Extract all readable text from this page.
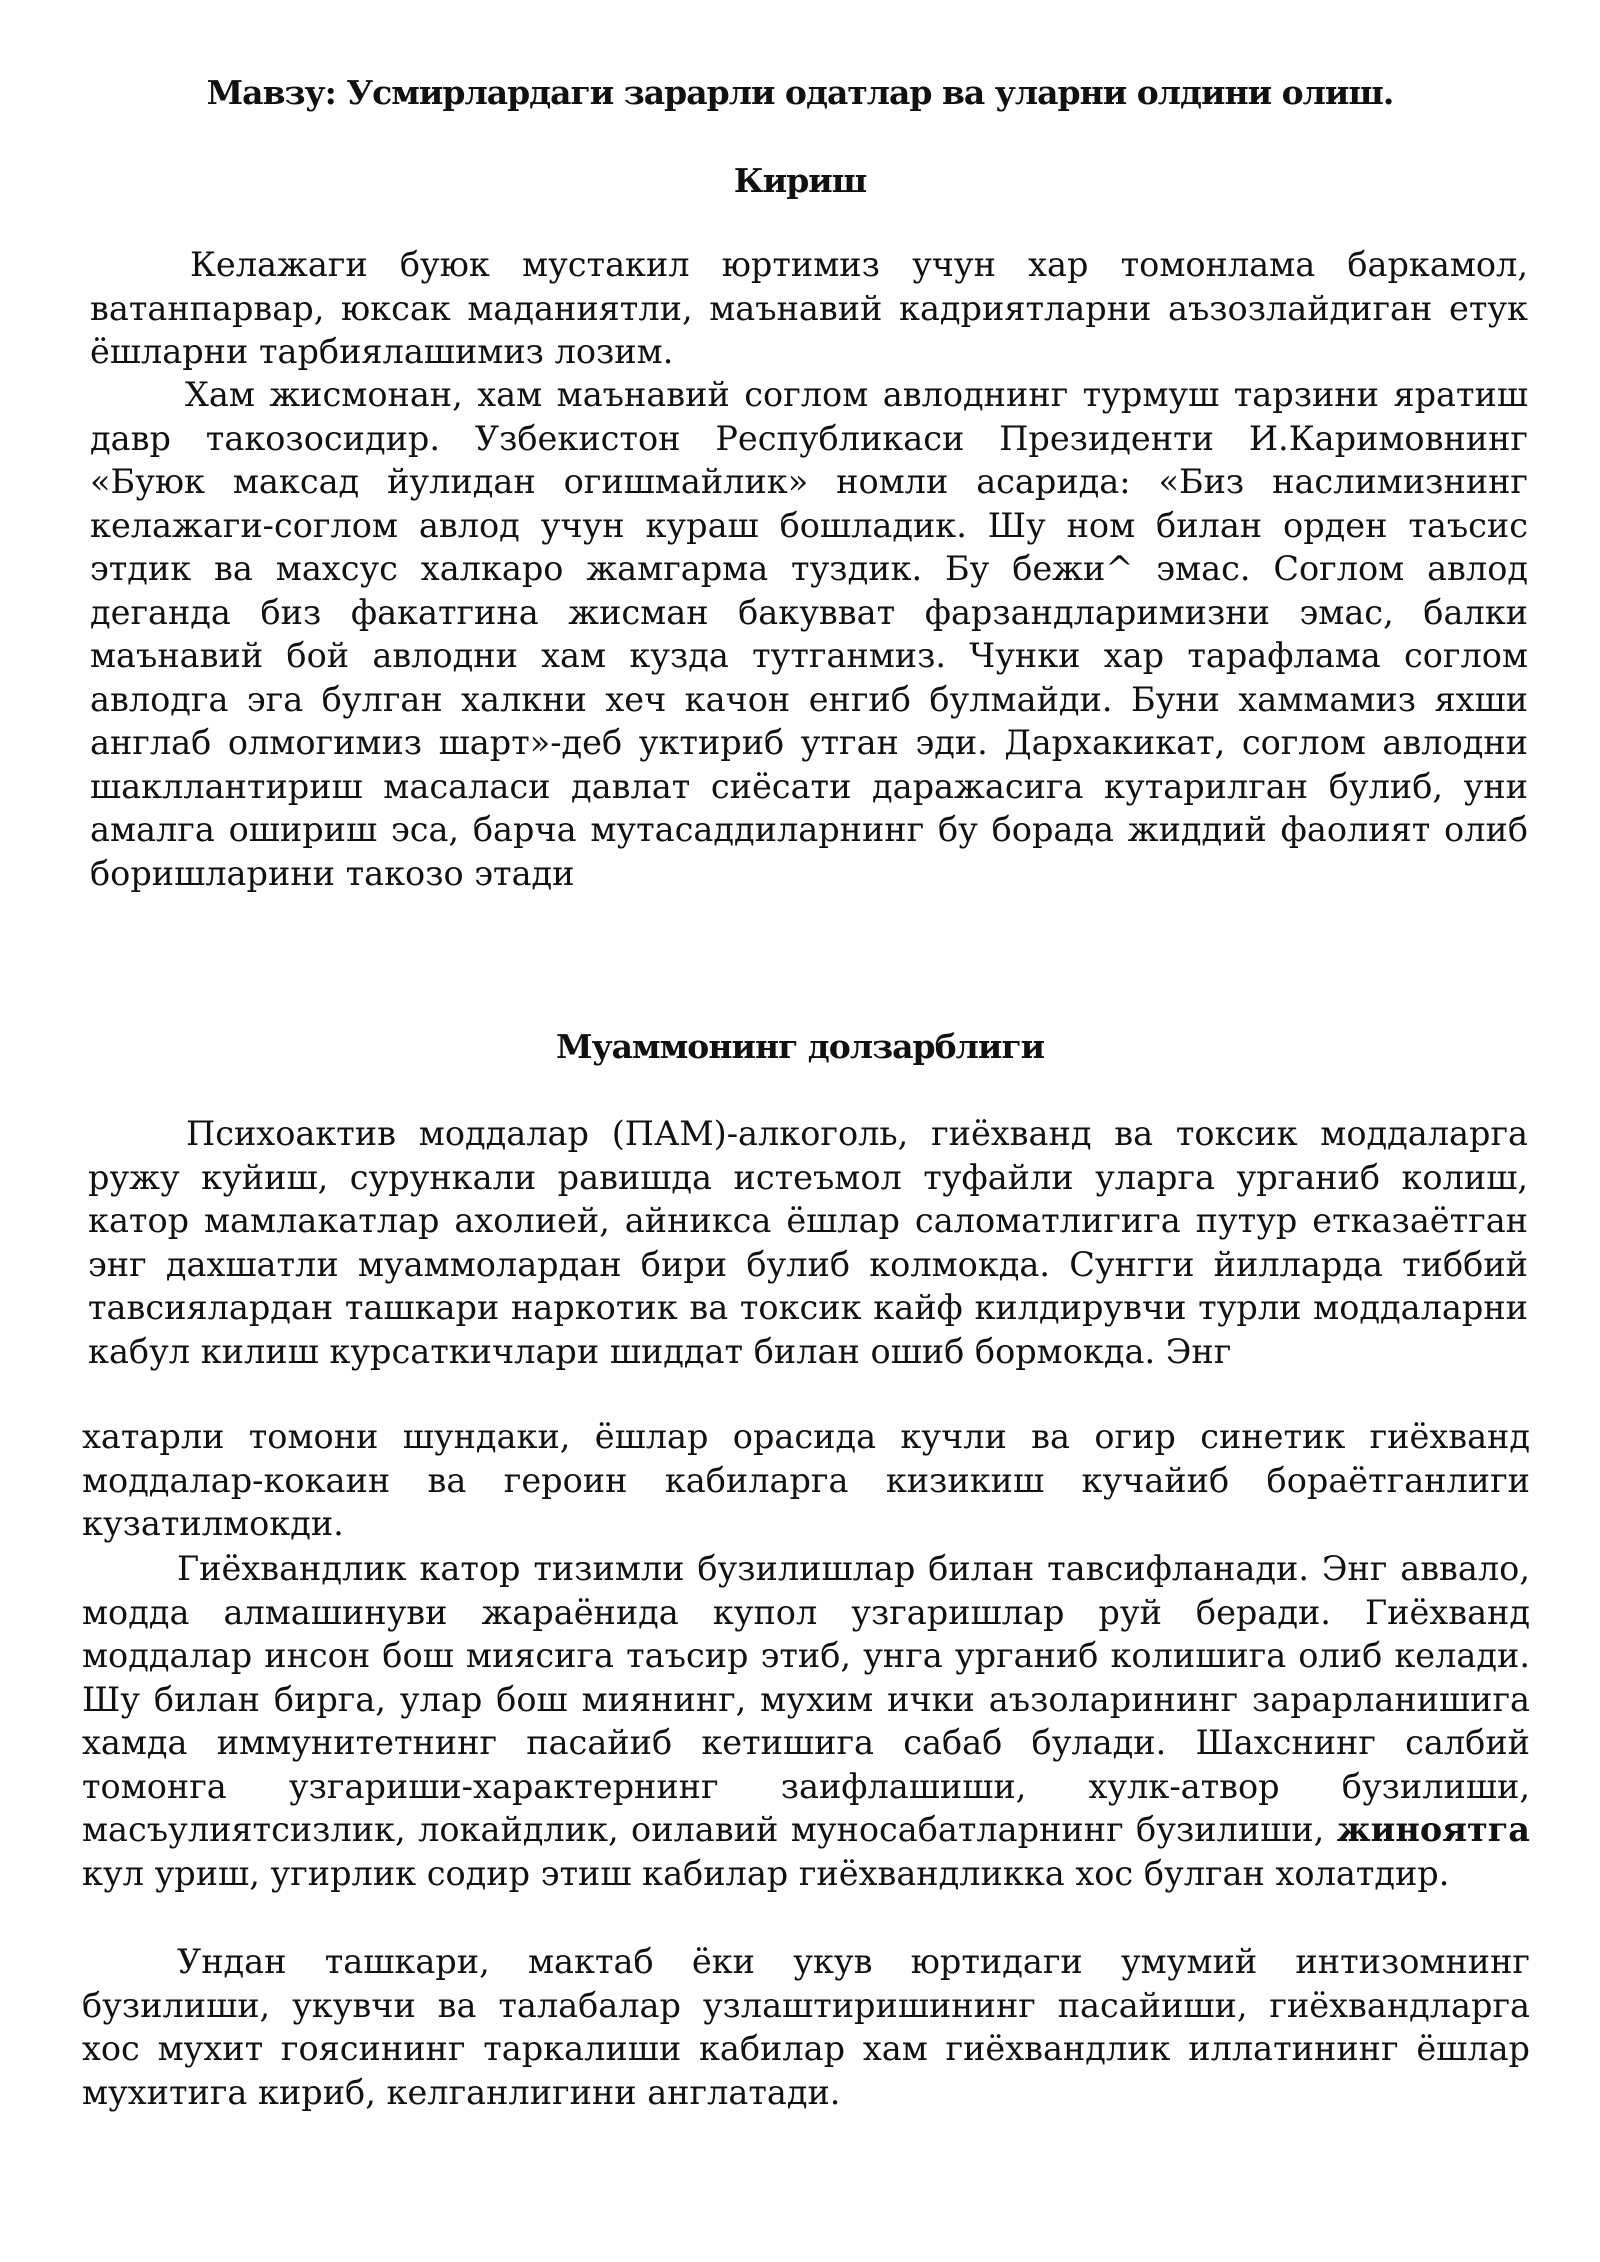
Мавзу: Усмирлардаги зарарли одатлар ва уларни олдини олиш.
Кириш

Келажаги буюк мустакил юртимиз учун хар томонлама баркамол, ватанпарвар, юксак маданиятли, маънавий кадриятларни аъзозлайдиган етук ёшларни тарбиялашимиз лозим.

Хам жисмонан, хам маънавий соглом авлоднинг турмуш тарзини яратиш давр такозосидир. Узбекистон Республикаси Президенти И.Каримовнинг «Буюк максад йулидан огишмайлик» номли асарида: «Биз наслимизнинг келажаги-соглом авлод учун кураш бошладик. Шу ном билан орден таъсис этдик ва махсус халкаро жамгарма туздик. Бу бежи^ эмас. Соглом авлод деганда биз факатгина жисман бакувват фарзандларимизни эмас, балки маънавий бой авлодни хам кузда тутганмиз. Чунки хар тарафлама соглом авлодга эга булган халкни хеч качон енгиб булмайди. Буни хаммамиз яхши англаб олмогимиз шарт»-деб уктириб утган эди. Дархакикат, соглом авлодни шакллантириш масаласи давлат сиёсати даражасига кутарилган булиб, уни амалга ошириш эса, барча мутасаддиларнинг бу борада жиддий фаолият олиб боришларини такозо этади

Муаммонинг долзарблиги

Психоактив моддалар (ПАМ)-алкоголь, гиёхванд ва токсик моддаларга ружу куйиш, сурункали равишда истеъмол туфайли уларга урганиб колиш, катор мамлакатлар ахолией, айникса ёшлар саломатлигига путур етказаётган энг дахшатли муаммолардан бири булиб колмокда. Сунгги йилларда тиббий тавсиялардан ташкари наркотик ва токсик кайф килдирувчи турли моддаларни кабул килиш курсаткичлари шиддат билан ошиб бормокда. Энг

хатарли томони шундаки, ёшлар орасида кучли ва огир синетик гиёхванд моддалар-кокаин ва героин кабиларга кизикиш кучайиб бораётганлиги кузатилмокди.

Гиёхвандлик катор тизимли бузилишлар билан тавсифланади. Энг аввало, модда алмашинуви жараёнида купол узгаришлар руй беради. Гиёхванд моддалар инсон бош миясига таъсир этиб, унга урганиб колишига олиб келади. Шу билан бирга, улар бош миянинг, мухим ички аъзоларининг зарарланишига хамда иммунитетнинг пасайиб кетишига сабаб булади. Шахснинг салбий томонга узгариши-характернинг заифлашиши, хулк-атвор бузилиши, масъулиятсизлик, локайдлик, оилавий муносабатларнинг бузилиши, жиноятга кул уриш, угирлик содир этиш кабилар гиёхвандликка хос булган холатдир.

Ундан ташкари, мактаб ёки укув юртидаги умумий интизомнинг бузилиши, укувчи ва талабалар узлаштиришининг пасайиши, гиёхвандларга хос мухит гоясининг таркалиши кабилар хам гиёхвандлик иллатининг ёшлар мухитига кириб, келганлигини англатади.
